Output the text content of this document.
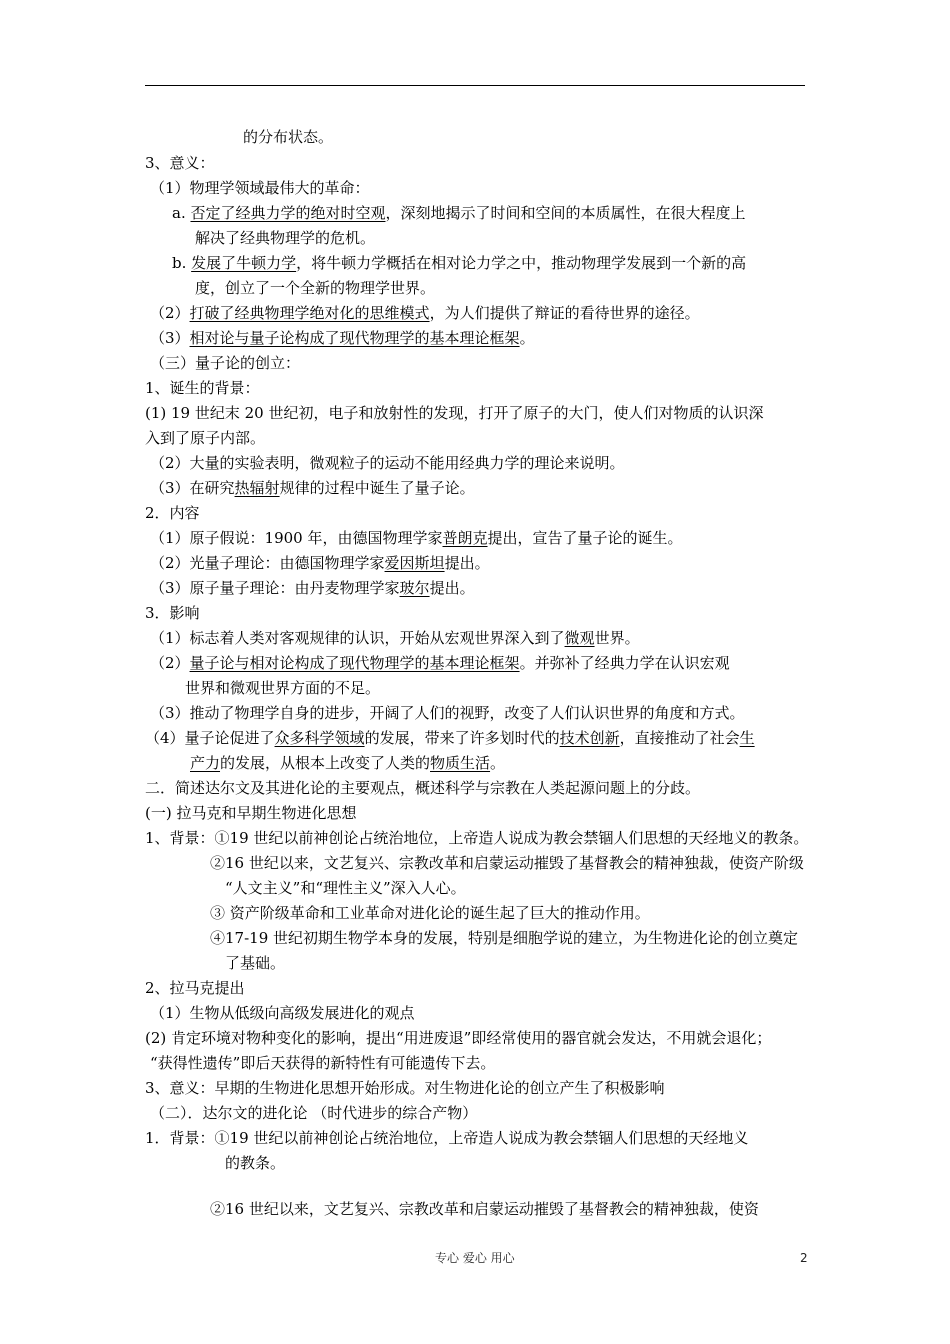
的分布状态。
3、意义：
（1）物理学领域最伟大的革命：
a. 否定了经典力学的绝对时空观，深刻地揭示了时间和空间的本质属性，在很大程度上
解决了经典物理学的危机。
b. 发展了牛顿力学，将牛顿力学概括在相对论力学之中，推动物理学发展到一个新的高
度，创立了一个全新的物理学世界。
（2）打破了经典物理学绝对化的思维模式，为人们提供了辩证的看待世界的途径。
（3）相对论与量子论构成了现代物理学的基本理论框架。
（三）量子论的创立：
1、诞生的背景：
(1) 19 世纪末 20 世纪初，电子和放射性的发现，打开了原子的大门，使人们对物质的认识深
入到了原子内部。
（2）大量的实验表明，微观粒子的运动不能用经典力学的理论来说明。
（3）在研究热辐射规律的过程中诞生了量子论。
2．内容
（1）原子假说：1900 年，由德国物理学家普朗克提出，宣告了量子论的诞生。
（2）光量子理论：由德国物理学家爱因斯坦提出。
（3）原子量子理论：由丹麦物理学家玻尔提出。
3．影响
（1）标志着人类对客观规律的认识，开始从宏观世界深入到了微观世界。
（2）量子论与相对论构成了现代物理学的基本理论框架。并弥补了经典力学在认识宏观
世界和微观世界方面的不足。
（3）推动了物理学自身的进步，开阔了人们的视野，改变了人们认识世界的角度和方式。
（4）量子论促进了众多科学领域的发展，带来了许多划时代的技术创新，直接推动了社会生
产力的发展，从根本上改变了人类的物质生活。
二．简述达尔文及其进化论的主要观点，概述科学与宗教在人类起源问题上的分歧。
(一) 拉马克和早期生物进化思想
1、背景：①19 世纪以前神创论占统治地位，上帝造人说成为教会禁锢人们思想的天经地义的教条。
②16 世纪以来，文艺复兴、宗教改革和启蒙运动摧毁了基督教会的精神独裁，使资产阶级
“人文主义”和“理性主义”深入人心。
③ 资产阶级革命和工业革命对进化论的诞生起了巨大的推动作用。
④17-19 世纪初期生物学本身的发展，特别是细胞学说的建立，为生物进化论的创立奠定
了基础。
2、拉马克提出
（1）生物从低级向高级发展进化的观点
(2) 肯定环境对物种变化的影响，提出“用进废退”即经常使用的器官就会发达，不用就会退化；
“获得性遗传”即后天获得的新特性有可能遗传下去。
3、意义：早期的生物进化思想开始形成。对生物进化论的创立产生了积极影响
（二）．达尔文的进化论 （时代进步的综合产物）
1．背景：①19 世纪以前神创论占统治地位，上帝造人说成为教会禁锢人们思想的天经地义
的教条。
②16 世纪以来，文艺复兴、宗教改革和启蒙运动摧毁了基督教会的精神独裁，使资
专心 爱心 用心	2
